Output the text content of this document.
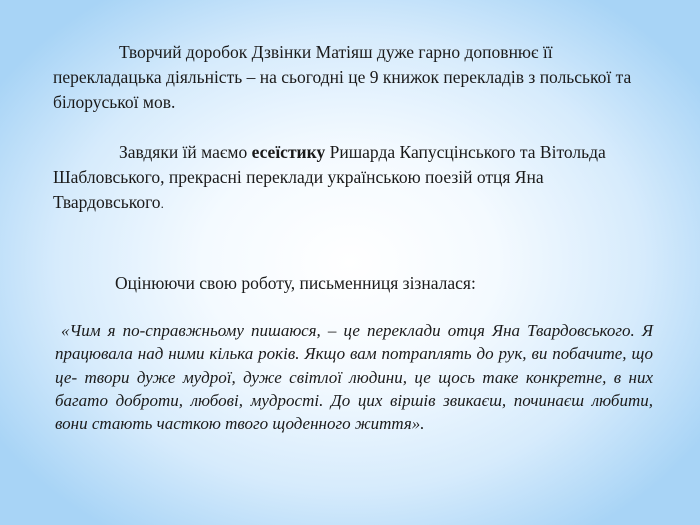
Творчий доробок Дзвінки Матіяш дуже гарно доповнює її перекладацька діяльність – на сьогодні це 9 книжок перекладів з польської та білоруської мов.

Завдяки їй маємо есеїстику Ришарда Капусцінського та Вітольда Шабловського, прекрасні переклади українською поезій отця Яна Твардовського.

Оцінюючи свою роботу, письменниця зізналася:

«Чим я по-справжньому пишаюся, – це переклади отця Яна Твардовського. Я працювала над ними кілька років. Якщо вам потраплять до рук, ви побачите, що це- твори дуже мудрої, дуже світлої людини, це щось таке конкретне, в них багато доброти, любові, мудрості. До цих віршів звикаєш, починаєш любити, вони стають часткою твого щоденного життя».
